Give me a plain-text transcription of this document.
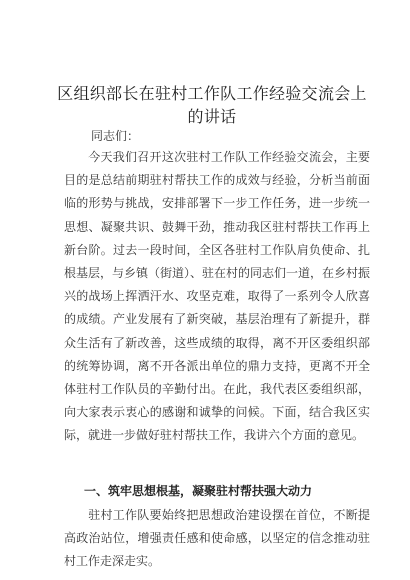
区组织部长在驻村工作队工作经验交流会上的讲话
同志们：

今天我们召开这次驻村工作队工作经验交流会，主要目的是总结前期驻村帮扶工作的成效与经验，分析当前面临的形势与挑战，安排部署下一步工作任务，进一步统一思想、凝聚共识、鼓舞干劲，推动我区驻村帮扶工作再上新台阶。过去一段时间，全区各驻村工作队肩负使命、扎根基层，与乡镇（街道）、驻在村的同志们一道，在乡村振兴的战场上挥洒汗水、攻坚克难，取得了一系列令人欣喜的成绩。产业发展有了新突破，基层治理有了新提升，群众生活有了新改善，这些成绩的取得，离不开区委组织部的统筹协调，离不开各派出单位的鼎力支持，更离不开全体驻村工作队员的辛勤付出。在此，我代表区委组织部，向大家表示衷心的感谢和诚挚的问候。下面，结合我区实际，就进一步做好驻村帮扶工作，我讲六个方面的意见。

一、筑牢思想根基，凝聚驻村帮扶强大动力

驻村工作队要始终把思想政治建设摆在首位，不断提高政治站位，增强责任感和使命感，以坚定的信念推动驻村工作走深走实。
